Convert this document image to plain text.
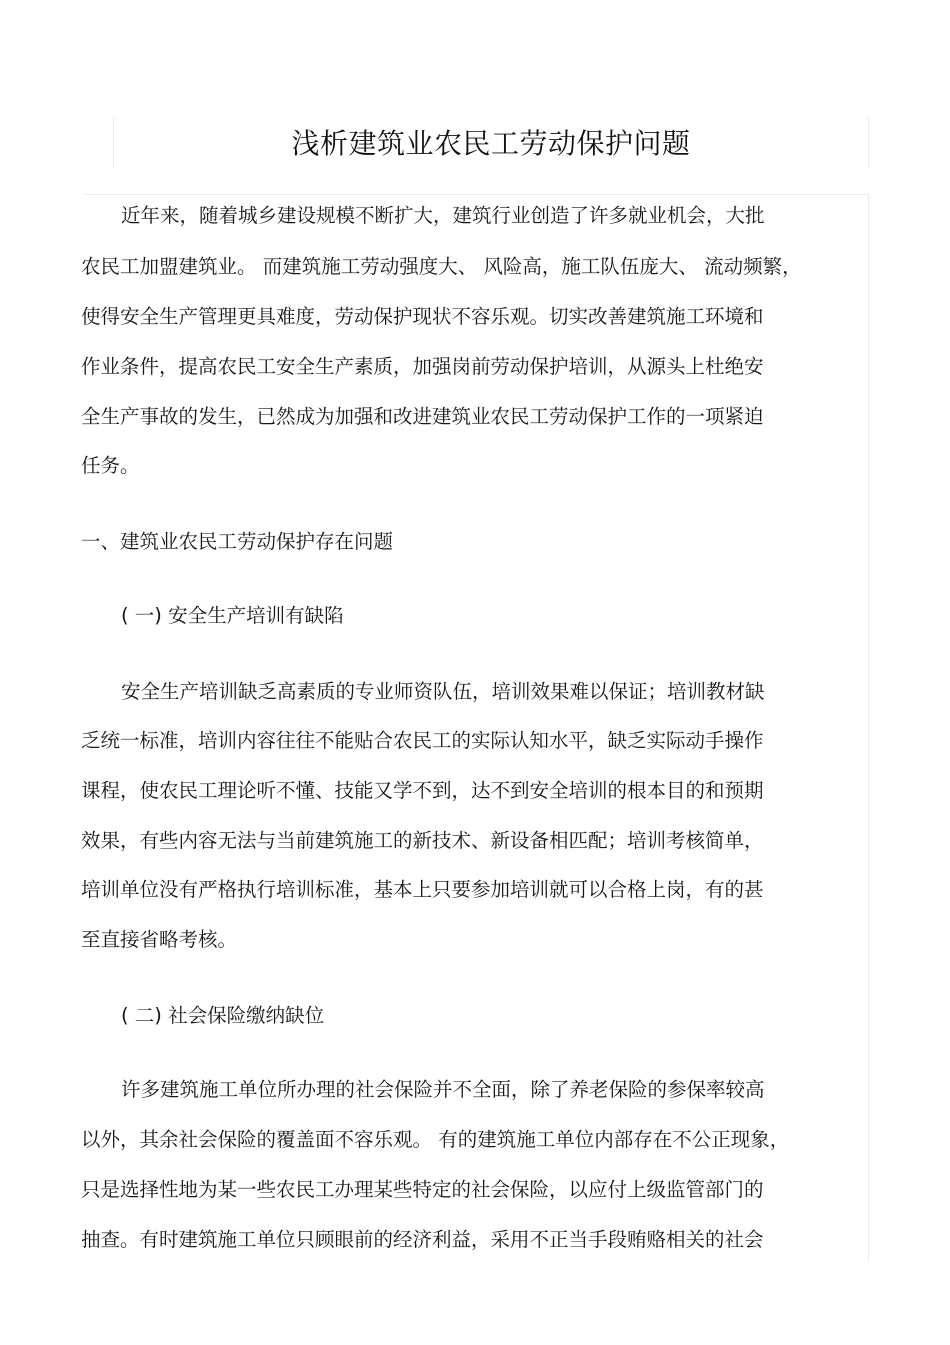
浅析建筑业农民工劳动保护问题

近年来，随着城乡建设规模不断扩大，建筑行业创造了许多就业机会，大批

农民工加盟建筑业。 而建筑施工劳动强度大、 风险高，施工队伍庞大、 流动频繁，

使得安全生产管理更具难度，劳动保护现状不容乐观。切实改善建筑施工环境和

作业条件，提高农民工安全生产素质，加强岗前劳动保护培训，从源头上杜绝安

全生产事故的发生，已然成为加强和改进建筑业农民工劳动保护工作的一项紧迫

任务。

一、建筑业农民工劳动保护存在问题

( 一) 安全生产培训有缺陷

安全生产培训缺乏高素质的专业师资队伍，培训效果难以保证；培训教材缺

乏统一标准，培训内容往往不能贴合农民工的实际认知水平，缺乏实际动手操作

课程，使农民工理论听不懂、技能又学不到，达不到安全培训的根本目的和预期

效果，有些内容无法与当前建筑施工的新技术、新设备相匹配；培训考核简单，

培训单位没有严格执行培训标准，基本上只要参加培训就可以合格上岗，有的甚

至直接省略考核。

( 二) 社会保险缴纳缺位

许多建筑施工单位所办理的社会保险并不全面，除了养老保险的参保率较高

以外，其余社会保险的覆盖面不容乐观。 有的建筑施工单位内部存在不公正现象，

只是选择性地为某一些农民工办理某些特定的社会保险，以应付上级监管部门的

抽查。有时建筑施工单位只顾眼前的经济利益，采用不正当手段贿赂相关的社会
